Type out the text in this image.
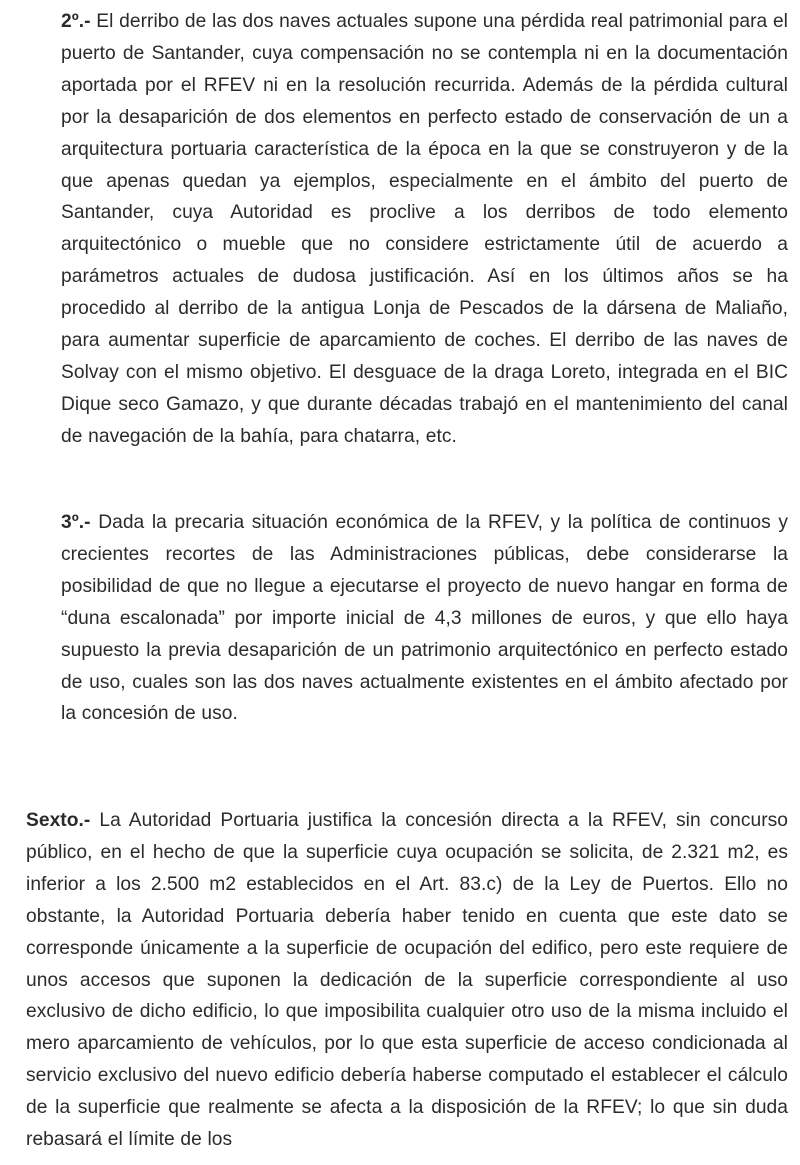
2º.- El derribo de las dos naves actuales supone una pérdida real patrimonial para el puerto de Santander, cuya compensación no se contempla ni en la documentación aportada por el RFEV ni en la resolución recurrida. Además de la pérdida cultural por la desaparición de dos elementos en perfecto estado de conservación de un a arquitectura portuaria característica de la época en la que se construyeron y de la que apenas quedan ya ejemplos, especialmente en el ámbito del puerto de Santander, cuya Autoridad es proclive a los derribos de todo elemento arquitectónico o mueble que no considere estrictamente útil de acuerdo a parámetros actuales de dudosa justificación. Así en los últimos años se ha procedido al derribo de la antigua Lonja de Pescados de la dársena de Maliaño, para aumentar superficie de aparcamiento de coches. El derribo de las naves de Solvay con el mismo objetivo. El desguace de la draga Loreto, integrada en el BIC Dique seco Gamazo, y que durante décadas trabajó en el mantenimiento del canal de navegación de la bahía, para chatarra, etc.

3º.- Dada la precaria situación económica de la RFEV, y la política de continuos y crecientes recortes de las Administraciones públicas, debe considerarse la posibilidad de que no llegue a ejecutarse el proyecto de nuevo hangar en forma de “duna escalonada” por importe inicial de 4,3 millones de euros, y que ello haya supuesto la previa desaparición de un patrimonio arquitectónico en perfecto estado de uso, cuales son las dos naves actualmente existentes en el ámbito afectado por la concesión de uso.

Sexto.- La Autoridad Portuaria justifica la concesión directa a la RFEV, sin concurso público, en el hecho de que la superficie cuya ocupación se solicita, de 2.321 m2, es inferior a los 2.500 m2 establecidos en el Art. 83.c) de la Ley de Puertos. Ello no obstante, la Autoridad Portuaria debería haber tenido en cuenta que este dato se corresponde únicamente a la superficie de ocupación del edifico, pero este requiere de unos accesos que suponen la dedicación de la superficie correspondiente al uso exclusivo de dicho edificio, lo que imposibilita cualquier otro uso de la misma incluido el mero aparcamiento de vehículos, por lo que esta superficie de acceso condicionada al servicio exclusivo del nuevo edificio debería haberse computado el establecer el cálculo de la superficie que realmente se afecta a la disposición de la RFEV; lo que sin duda rebasará el límite de los
